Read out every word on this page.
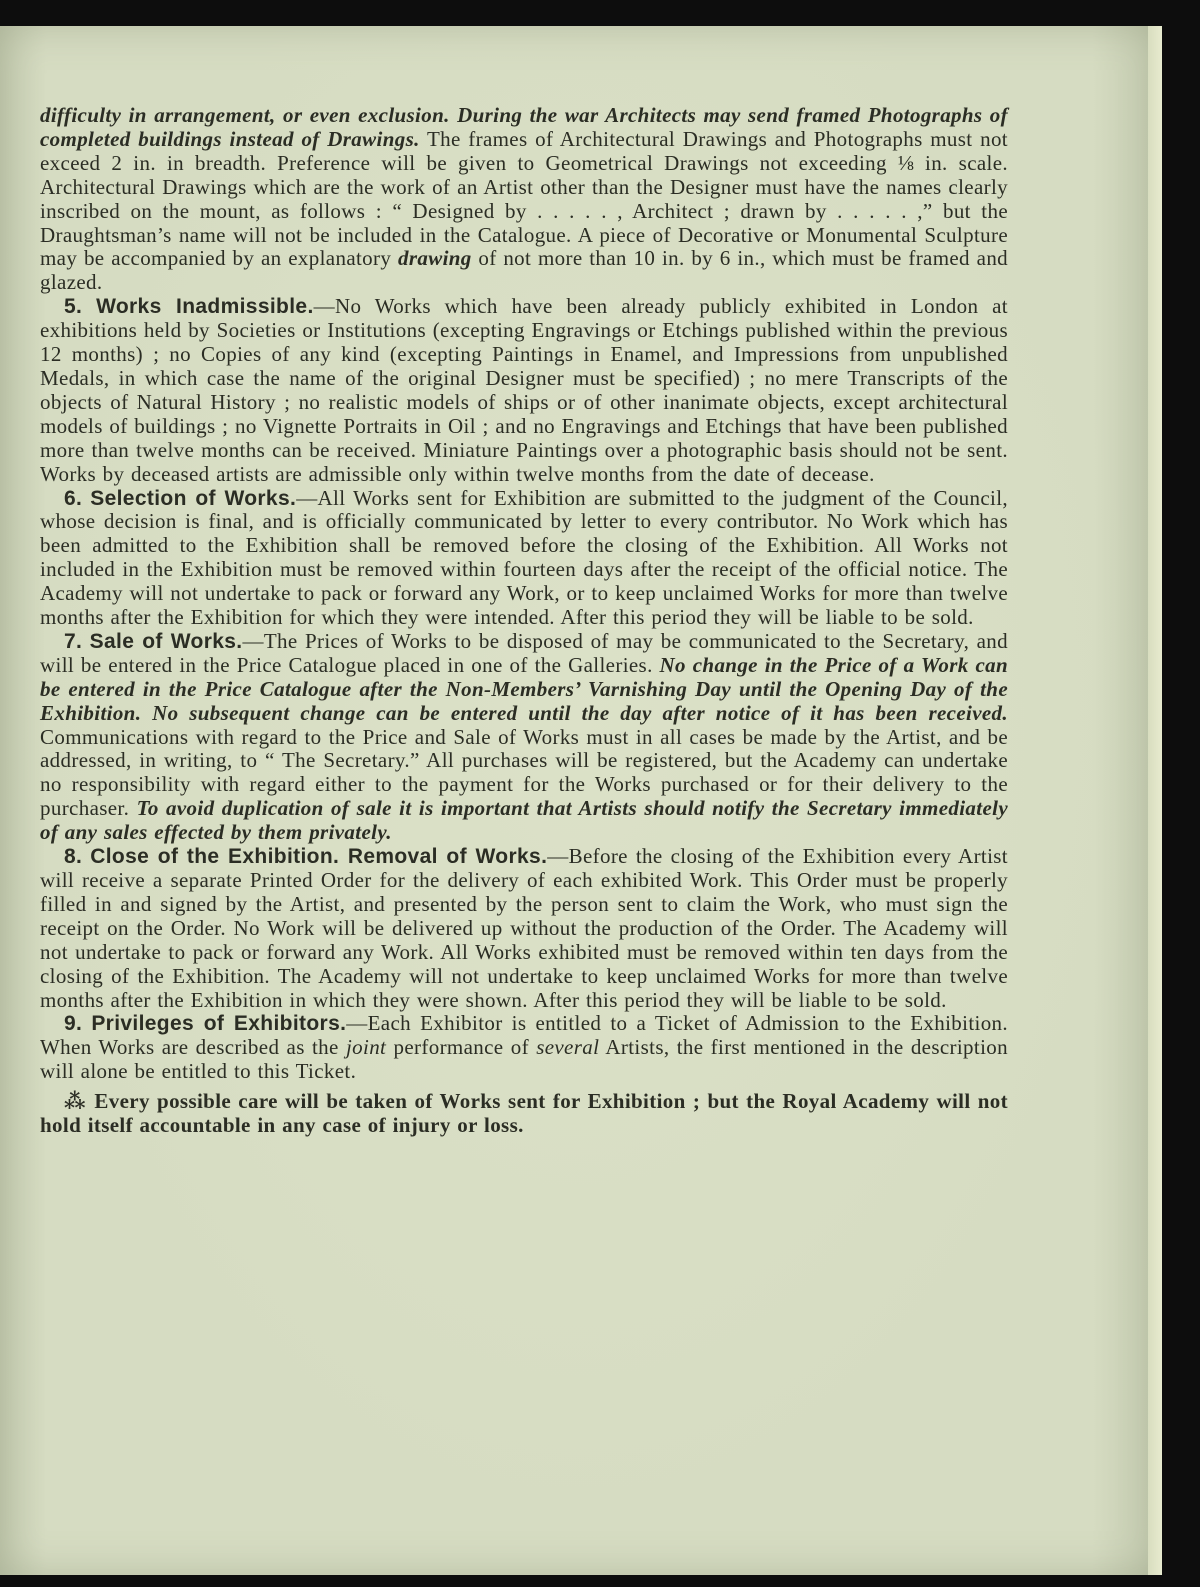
difficulty in arrangement, or even exclusion. During the war Architects may send framed Photographs of completed buildings instead of Drawings. The frames of Architectural Drawings and Photographs must not exceed 2 in. in breadth. Preference will be given to Geometrical Drawings not exceeding ⅛ in. scale. Architectural Drawings which are the work of an Artist other than the Designer must have the names clearly inscribed on the mount, as follows : “ Designed by . . . . . , Architect ; drawn by . . . . . ,” but the Draughtsman’s name will not be included in the Catalogue. A piece of Decorative or Monumental Sculpture may be accompanied by an explanatory drawing of not more than 10 in. by 6 in., which must be framed and glazed.

5. Works Inadmissible.—No Works which have been already publicly exhibited in London at exhibitions held by Societies or Institutions (excepting Engravings or Etchings published within the previous 12 months) ; no Copies of any kind (excepting Paintings in Enamel, and Impressions from unpublished Medals, in which case the name of the original Designer must be specified) ; no mere Transcripts of the objects of Natural History ; no realistic models of ships or of other inanimate objects, except architectural models of buildings ; no Vignette Portraits in Oil ; and no Engravings and Etchings that have been published more than twelve months can be received. Miniature Paintings over a photographic basis should not be sent. Works by deceased artists are admissible only within twelve months from the date of decease.

6. Selection of Works.—All Works sent for Exhibition are submitted to the judgment of the Council, whose decision is final, and is officially communicated by letter to every contributor. No Work which has been admitted to the Exhibition shall be removed before the closing of the Exhibition. All Works not included in the Exhibition must be removed within fourteen days after the receipt of the official notice. The Academy will not undertake to pack or forward any Work, or to keep unclaimed Works for more than twelve months after the Exhibition for which they were intended. After this period they will be liable to be sold.

7. Sale of Works.—The Prices of Works to be disposed of may be communicated to the Secretary, and will be entered in the Price Catalogue placed in one of the Galleries. No change in the Price of a Work can be entered in the Price Catalogue after the Non-Members’ Varnishing Day until the Opening Day of the Exhibition. No subsequent change can be entered until the day after notice of it has been received. Communications with regard to the Price and Sale of Works must in all cases be made by the Artist, and be addressed, in writing, to “ The Secretary.” All purchases will be registered, but the Academy can undertake no responsibility with regard either to the payment for the Works purchased or for their delivery to the purchaser. To avoid duplication of sale it is important that Artists should notify the Secretary immediately of any sales effected by them privately.

8. Close of the Exhibition. Removal of Works.—Before the closing of the Exhibition every Artist will receive a separate Printed Order for the delivery of each exhibited Work. This Order must be properly filled in and signed by the Artist, and presented by the person sent to claim the Work, who must sign the receipt on the Order. No Work will be delivered up without the production of the Order. The Academy will not undertake to pack or forward any Work. All Works exhibited must be removed within ten days from the closing of the Exhibition. The Academy will not undertake to keep unclaimed Works for more than twelve months after the Exhibition in which they were shown. After this period they will be liable to be sold.

9. Privileges of Exhibitors.—Each Exhibitor is entitled to a Ticket of Admission to the Exhibition. When Works are described as the joint performance of several Artists, the first mentioned in the description will alone be entitled to this Ticket.

⁂ Every possible care will be taken of Works sent for Exhibition ; but the Royal Academy will not hold itself accountable in any case of injury or loss.
